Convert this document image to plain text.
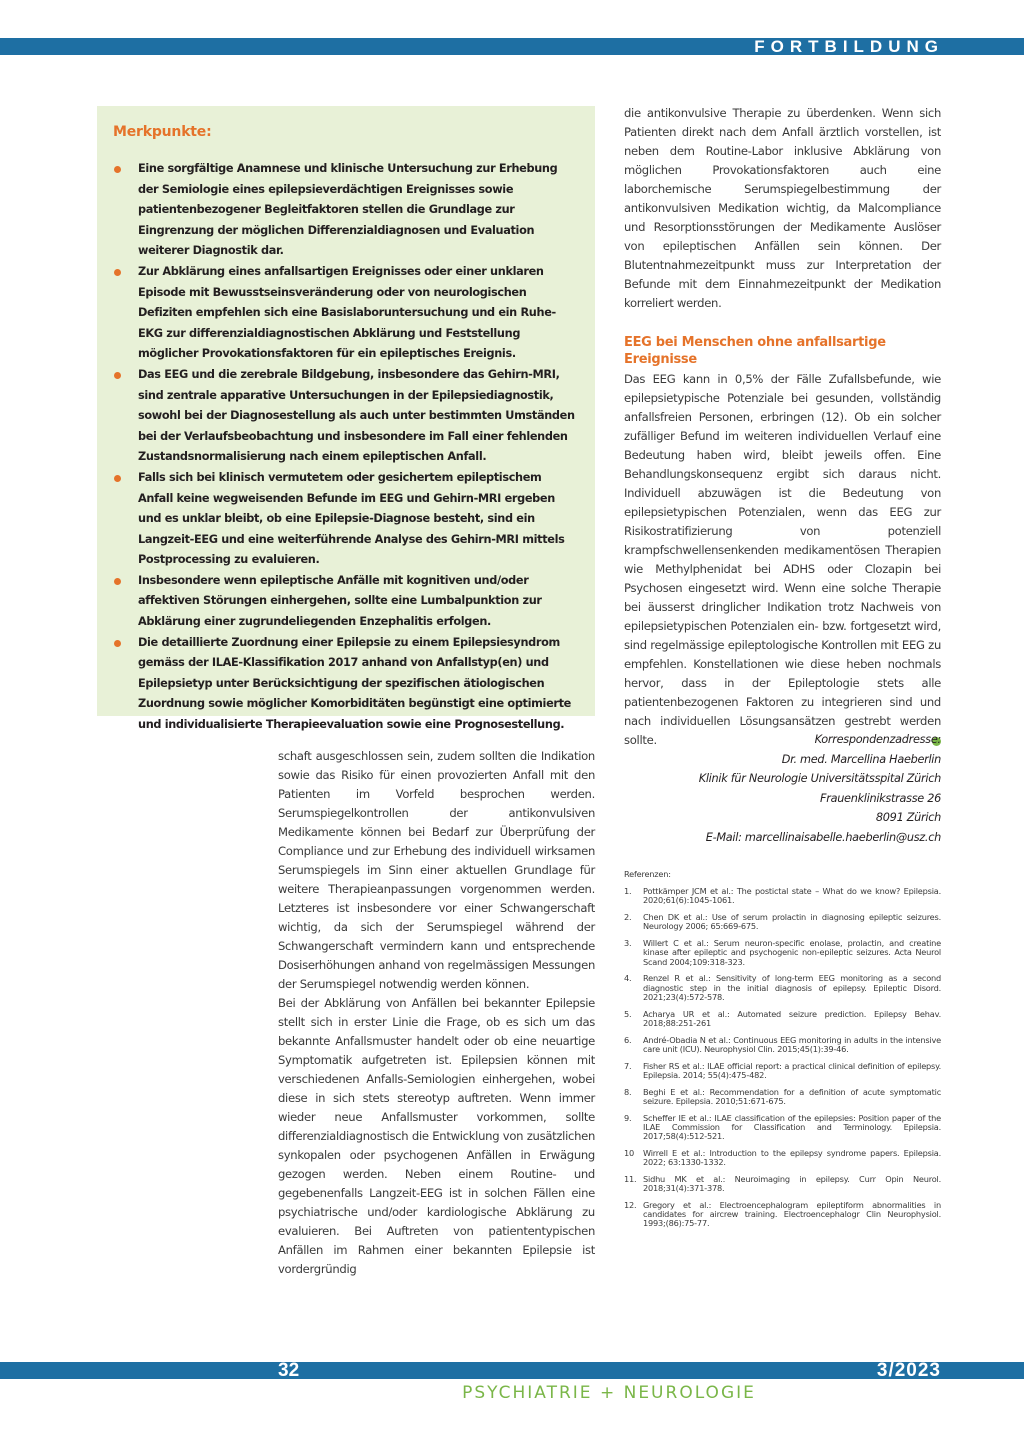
FORTBILDUNG
Merkpunkte:
Eine sorgfältige Anamnese und klinische Untersuchung zur Erhebung der Semiologie eines epilepsieverdächtigen Ereignisses sowie patientenbezogener Begleitfaktoren stellen die Grundlage zur Eingrenzung der möglichen Differenzialdiagnosen und Evaluation weiterer Diagnostik dar.
Zur Abklärung eines anfallsartigen Ereignisses oder einer unklaren Episode mit Bewusstseinsveränderung oder von neurologischen Defiziten empfehlen sich eine Basislaboruntersuchung und ein Ruhe-EKG zur differenzialdiagnostischen Abklärung und Feststellung möglicher Provokationsfaktoren für ein epileptisches Ereignis.
Das EEG und die zerebrale Bildgebung, insbesondere das Gehirn-MRI, sind zentrale apparative Untersuchungen in der Epilepsiediagnostik, sowohl bei der Diagnosestellung als auch unter bestimmten Umständen bei der Verlaufsbeobachtung und insbesondere im Fall einer fehlenden Zustandsnormalisierung nach einem epileptischen Anfall.
Falls sich bei klinisch vermutetem oder gesichertem epileptischem Anfall keine wegweisenden Befunde im EEG und Gehirn-MRI ergeben und es unklar bleibt, ob eine Epilepsie-Diagnose besteht, sind ein Langzeit-EEG und eine weiterführende Analyse des Gehirn-MRI mittels Postprocessing zu evaluieren.
Insbesondere wenn epileptische Anfälle mit kognitiven und/oder affektiven Störungen einhergehen, sollte eine Lumbalpunktion zur Abklärung einer zugrundeliegenden Enzephalitis erfolgen.
Die detaillierte Zuordnung einer Epilepsie zu einem Epilepsiesyndrom gemäss der ILAE-Klassifikation 2017 anhand von Anfallstyp(en) und Epilepsietyp unter Berücksichtigung der spezifischen ätiologischen Zuordnung sowie möglicher Komorbiditäten begünstigt eine optimierte und individualisierte Therapieevaluation sowie eine Prognosestellung.

die antikonvulsive Therapie zu überdenken. Wenn sich Patienten direkt nach dem Anfall ärztlich vorstellen, ist neben dem Routine-Labor inklusive Abklärung von möglichen Provokationsfaktoren auch eine laborchemische Serumspiegelbestimmung der antikonvulsiven Medikation wichtig, da Malcompliance und Resorptionsstörungen der Medikamente Auslöser von epileptischen Anfällen sein können. Der Blutentnahmezeitpunkt muss zur Interpretation der Befunde mit dem Einnahmezeitpunkt der Medikation korreliert werden.

EEG bei Menschen ohne anfallsartige Ereignisse

Das EEG kann in 0,5% der Fälle Zufallsbefunde, wie epilepsietypische Potenziale bei gesunden, vollständig anfallsfreien Personen, erbringen (12). Ob ein solcher zufälliger Befund im weiteren individuellen Verlauf eine Bedeutung haben wird, bleibt jeweils offen. Eine Behandlungskonsequenz ergibt sich daraus nicht. Individuell abzuwägen ist die Bedeutung von epilepsietypischen Potenzialen, wenn das EEG zur Risikostratifizierung von potenziell krampfschwellensenkenden medikamentösen Therapien wie Methylphenidat bei ADHS oder Clozapin bei Psychosen eingesetzt wird. Wenn eine solche Therapie bei äusserst dringlicher Indikation trotz Nachweis von epilepsietypischen Potenzialen ein- bzw. fortgesetzt wird, sind regelmässige epileptologische Kontrollen mit EEG zu empfehlen. Konstellationen wie diese heben nochmals hervor, dass in der Epileptologie stets alle patientenbezogenen Faktoren zu integrieren sind und nach individuellen Lösungsansätzen gestrebt werden sollte.

schaft ausgeschlossen sein, zudem sollten die Indikation sowie das Risiko für einen provozierten Anfall mit den Patienten im Vorfeld besprochen werden. Serumspiegelkontrollen der antikonvulsiven Medikamente können bei Bedarf zur Überprüfung der Compliance und zur Erhebung des individuell wirksamen Serumspiegels im Sinn einer aktuellen Grundlage für weitere Therapieanpassungen vorgenommen werden. Letzteres ist insbesondere vor einer Schwangerschaft wichtig, da sich der Serumspiegel während der Schwangerschaft vermindern kann und entsprechende Dosiserhöhungen anhand von regelmässigen Messungen der Serumspiegel notwendig werden können.

Bei der Abklärung von Anfällen bei bekannter Epilepsie stellt sich in erster Linie die Frage, ob es sich um das bekannte Anfallsmuster handelt oder ob eine neuartige Symptomatik aufgetreten ist. Epilepsien können mit verschiedenen Anfalls-Semiologien einhergehen, wobei diese in sich stets stereotyp auftreten. Wenn immer wieder neue Anfallsmuster vorkommen, sollte differenzialdiagnostisch die Entwicklung von zusätzlichen synkopalen oder psychogenen Anfällen in Erwägung gezogen werden. Neben einem Routine- und gegebenenfalls Langzeit-EEG ist in solchen Fällen eine psychiatrische und/oder kardiologische Abklärung zu evaluieren. Bei Auftreten von patiententypischen Anfällen im Rahmen einer bekannten Epilepsie ist vordergründig

Korrespondenzadresse:
Dr. med. Marcellina Haeberlin
Klinik für Neurologie Universitätsspital Zürich
Frauenklinikstrasse 26
8091 Zürich
E-Mail: marcellinaisabelle.haeberlin@usz.ch
Referenzen:
1. Pottkämper JCM et al.: The postictal state – What do we know? Epilepsia. 2020;61(6):1045-1061.
2. Chen DK et al.: Use of serum prolactin in diagnosing epileptic seizures. Neurology 2006; 65:669-675.
3. Willert C et al.: Serum neuron-specific enolase, prolactin, and creatine kinase after epileptic and psychogenic non-epileptic seizures. Acta Neurol Scand 2004;109:318-323.
4. Renzel R et al.: Sensitivity of long-term EEG monitoring as a second diagnostic step in the initial diagnosis of epilepsy. Epileptic Disord. 2021;23(4):572-578.
5. Acharya UR et al.: Automated seizure prediction. Epilepsy Behav. 2018;88:251-261
6. André-Obadia N et al.: Continuous EEG monitoring in adults in the intensive care unit (ICU). Neurophysiol Clin. 2015;45(1):39-46.
7. Fisher RS et al.: ILAE official report: a practical clinical definition of epilepsy. Epilepsia. 2014; 55(4):475-482.
8. Beghi E et al.: Recommendation for a definition of acute symptomatic seizure. Epilepsia. 2010;51:671-675.
9. Scheffer IE et al.: ILAE classification of the epilepsies: Position paper of the ILAE Commission for Classification and Terminology. Epilepsia. 2017;58(4):512-521.
10 Wirrell E et al.: Introduction to the epilepsy syndrome papers. Epilepsia. 2022; 63:1330-1332.
11. Sidhu MK et al.: Neuroimaging in epilepsy. Curr Opin Neurol. 2018;31(4):371-378.
12. Gregory et al.: Electroencephalogram epileptiform abnormalities in candidates for aircrew training. Electroencephalogr Clin Neurophysiol. 1993;(86):75-77.
32	3/2023
PSYCHIATRIE + NEUROLOGIE
